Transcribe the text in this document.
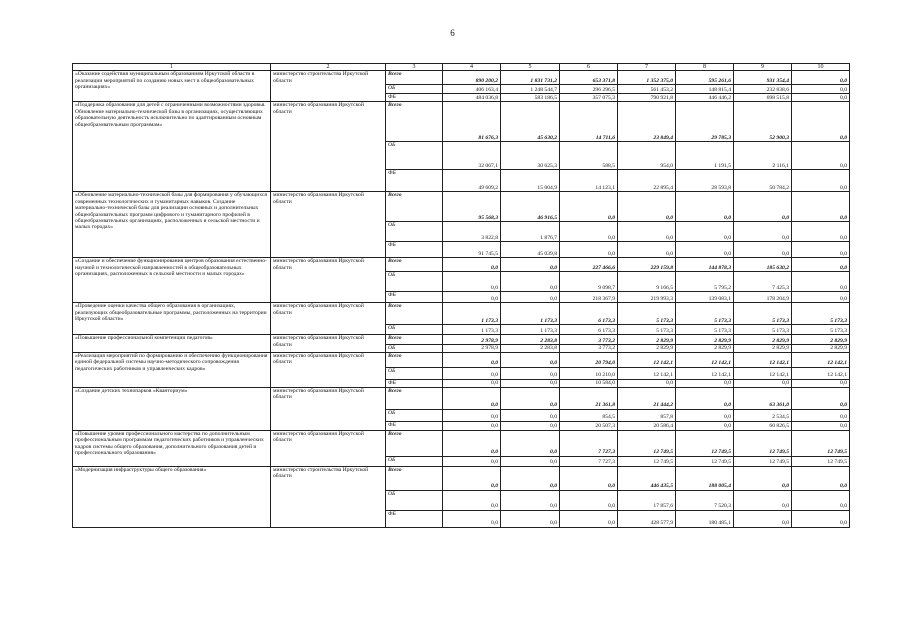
6
1	2	3	4	5	6	7	8	9	10
«Оказание содействия муниципальным образованиям Иркутской области в реализации мероприятий по созданию новых мест в общеобразовательных организациях»	министерство строительства Иркутской области	Всего	890 200,2	1 831 731,2	653 371,8	1 352 375,0	595 261,6	931 354,4	0,0
		ОБ	406 163,4	1 248 544,7	296 296,5	561 453,2	148 815,4	232 838,6	0,0
		ФБ	484 036,8	583 186,5	357 075,3	790 921,8	446 446,2	698 515,8	0,0
«Поддержка образования для детей с ограниченными возможностями здоровья. Обновление материально-технической базы в организациях, осуществляющих образовательную деятельность исключительно по адаптированным основным общеобразовательным программам»	министерство образования Иркутской области	Всего	81 676,3	45 630,2	14 711,6	23 849,4	29 785,3	52 900,3	0,0
		ОБ	32 067,1	30 625,3	588,5	954,0	1 191,5	2 116,1	0,0
		ФБ	49 609,2	15 004,9	14 123,1	22 895,4	28 593,8	50 784,2	0,0
«Обновление материально-технической базы для формирования у обучающихся современных технологических и гуманитарных навыков. Создание материально-технической базы для реализации основных и дополнительных общеобразовательных программ цифрового и гуманитарного профилей в общеобразовательных организациях, расположенных в сельской местности и малых городах»	министерство образования Иркутской области	Всего	95 568,3	46 916,5	0,0	0,0	0,0	0,0	0,0
		ОБ	3 822,8	1 876,7	0,0	0,0	0,0	0,0	0,0
		ФБ	91 745,5	45 039,8	0,0	0,0	0,0	0,0	0,0
«Создание и обеспечение функционирования центров образования естественно-научной и технологической направленностей в общеобразовательных организациях, расположенных в сельской местности и малых городах»	министерство образования Иркутской области	Всего	0,0	0,0	227 466,6	229 159,8	144 878,3	185 630,2	0,0
		ОБ	0,0	0,0	9 098,7	9 166,5	5 795,2	7 425,3	0,0
		ФБ	0,0	0,0	218 367,9	219 993,3	139 083,1	178 204,9	0,0
«Проведение оценки качества общего образования в организациях, реализующих общеобразовательные программы, расположенных на территории Иркутской области»	министерство образования Иркутской области	Всего	1 173,3	1 173,3	6 173,3	5 173,3	5 173,3	5 173,3	5 173,3
		ОБ	1 173,3	1 173,3	6 173,3	5 173,3	5 173,3	5 173,3	5 173,3
«Повышение профессиональной компетенции педагогов»	министерство образования Иркутской области	Всего	2 978,9	2 283,8	3 773,2	2 829,9	2 829,9	2 829,9	2 829,9
		ОБ	2 978,9	2 283,8	3 773,2	2 829,9	2 829,9	2 829,9	2 829,9
«Реализация мероприятий по формированию и обеспечению функционирования единой федеральной системы научно-методического сопровождения педагогических работников и управленческих кадров»	министерство образования Иркутской области	Всего	0,0	0,0	20 794,0	12 142,1	12 142,1	12 142,1	12 142,1
		ОБ	0,0	0,0	10 210,0	12 142,1	12 142,1	12 142,1	12 142,1
		ФБ	0,0	0,0	10 584,0	0,0	0,0	0,0	0,0
«Создание детских технопарков «Кванториум»	министерство образования Иркутской области	Всего	0,0	0,0	21 361,8	21 444,2	0,0	63 361,0	0,0
		ОБ	0,0	0,0	854,5	857,8	0,0	2 534,5	0,0
		ФБ	0,0	0,0	20 507,3	20 586,4	0,0	60 826,5	0,0
«Повышение уровня профессионального мастерства по дополнительным профессиональным программам педагогических работников и управленческих кадров системы общего образования, дополнительного образования детей и профессионального образования»	министерство образования Иркутской области	Всего	0,0	0,0	7 727,3	12 749,5	12 749,5	12 749,5	12 749,5
		ОБ	0,0	0,0	7 727,3	12 749,5	12 749,5	12 749,5	12 749,5
«Модернизация инфраструктуры общего образования»	министерство строительства Иркутской области	Всего	0,0	0,0	0,0	446 435,5	188 005,4	0,0	0,0
		ОБ	0,0	0,0	0,0	17 857,6	7 520,3	0,0	0,0
		ФБ	0,0	0,0	0,0	428 577,9	180 485,1	0,0	0,0
